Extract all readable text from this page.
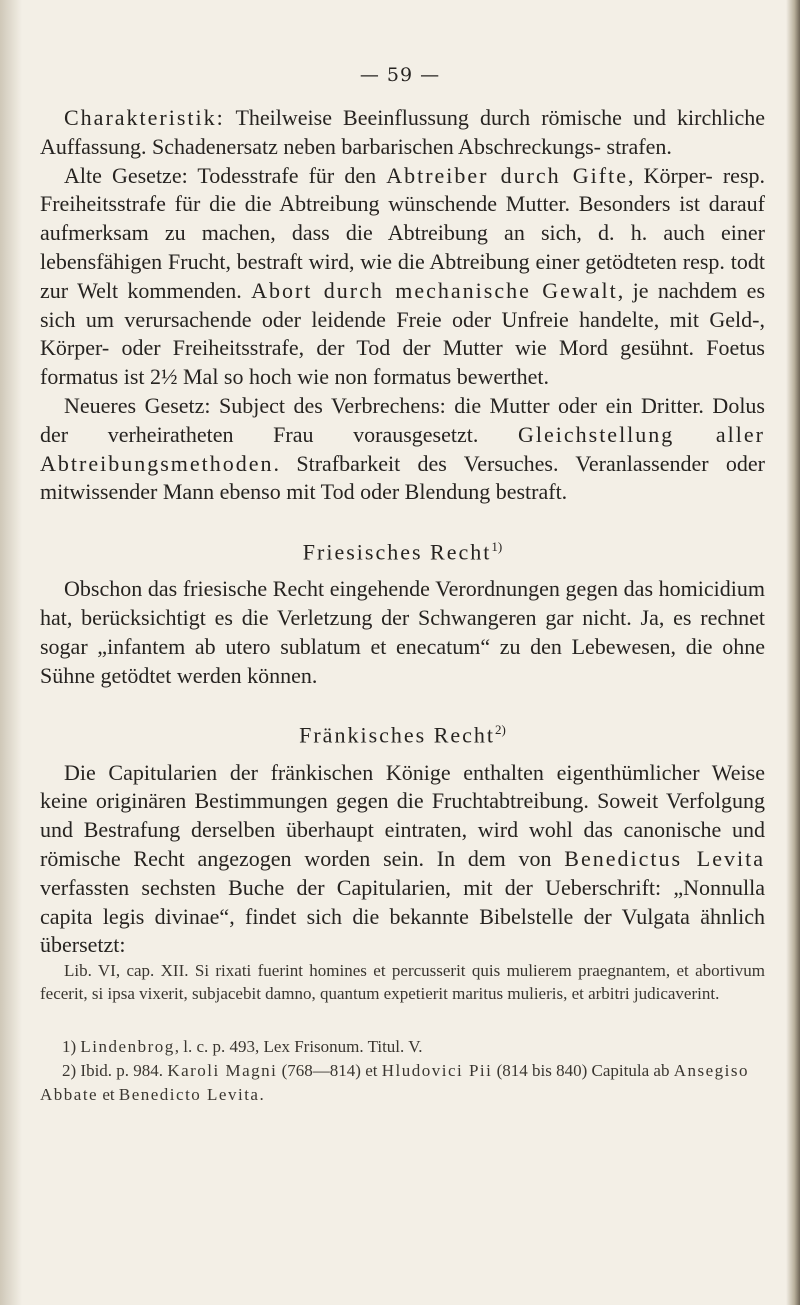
— 59 —

Charakteristik: Theilweise Beeinflussung durch römische und kirchliche Auffassung. Schadenersatz neben barbarischen Abschreckungs- strafen.

Alte Gesetze: Todesstrafe für den Abtreiber durch Gifte, Körper- resp. Freiheitsstrafe für die die Abtreibung wünschende Mutter. Besonders ist darauf aufmerksam zu machen, dass die Abtreibung an sich, d. h. auch einer lebensfähigen Frucht, bestraft wird, wie die Abtreibung einer getödteten resp. todt zur Welt kommenden. Abort durch mechanische Gewalt, je nachdem es sich um verursachende oder leidende Freie oder Unfreie handelte, mit Geld-, Körper- oder Freiheitsstrafe, der Tod der Mutter wie Mord gesühnt. Foetus formatus ist 2½ Mal so hoch wie non formatus bewerthet.

Neueres Gesetz: Subject des Verbrechens: die Mutter oder ein Dritter. Dolus der verheiratheten Frau vorausgesetzt. Gleichstellung aller Abtreibungsmethoden. Strafbarkeit des Versuches. Veranlassender oder mitwissender Mann ebenso mit Tod oder Blendung bestraft.

Friesisches Recht$^{1)}$

Obschon das friesische Recht eingehende Verordnungen gegen das homicidium hat, berücksichtigt es die Verletzung der Schwangeren gar nicht. Ja, es rechnet sogar „infantem ab utero sublatum et enecatum“ zu den Lebewesen, die ohne Sühne getödtet werden können.

Fränkisches Recht$^{2)}$

Die Capitularien der fränkischen Könige enthalten eigenthümlicher Weise keine originären Bestimmungen gegen die Fruchtabtreibung. Soweit Verfolgung und Bestrafung derselben überhaupt eintraten, wird wohl das canonische und römische Recht angezogen worden sein. In dem von Benedictus Levita verfassten sechsten Buche der Capitularien, mit der Ueberschrift: „Nonnulla capita legis divinae“, findet sich die bekannte Bibelstelle der Vulgata ähnlich übersetzt:

Lib. VI, cap. XII. Si rixati fuerint homines et percusserit quis mulierem praegnantem, et abortivum fecerit, si ipsa vixerit, subjacebit damno, quantum expetierit maritus mulieris, et arbitri judicaverint.

1) Lindenbrog, l. c. p. 493, Lex Frisonum. Titul. V.

2) Ibid. p. 984. Karoli Magni (768—814) et Hludovici Pii (814 bis 840) Capitula ab Ansegiso Abbate et Benedicto Levita.
